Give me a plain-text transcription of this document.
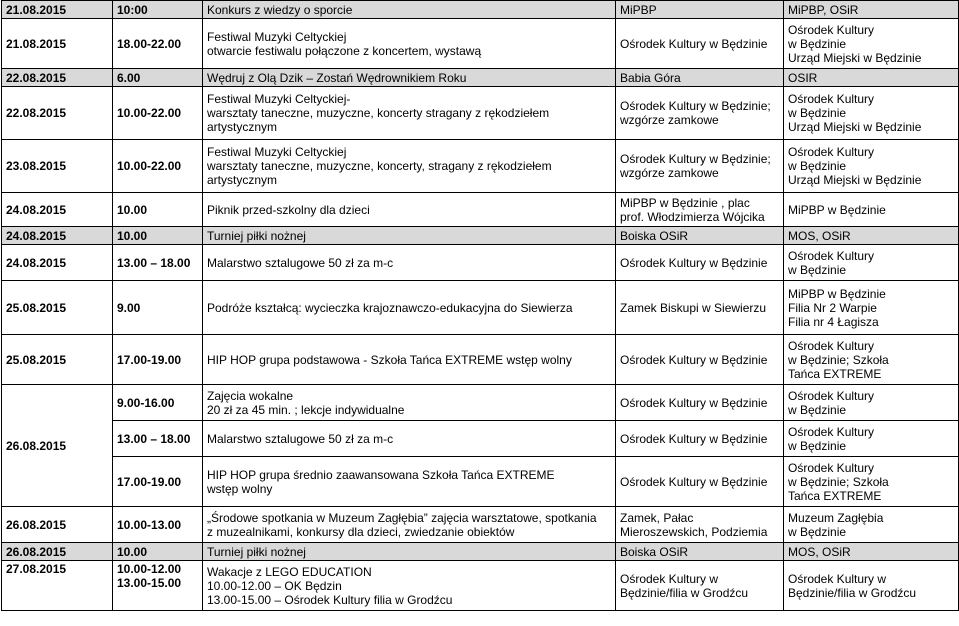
21.08.2015	10:00	Konkurs z wiedzy o sporcie	MiPBP	MiPBP, OSiR
21.08.2015	18.00-22.00	Festiwal Muzyki Celtyckiej
otwarcie festiwalu połączone z koncertem, wystawą	Ośrodek Kultury w Będzinie	Ośrodek Kultury
w Będzinie
Urząd Miejski w Będzinie
22.08.2015	6.00	Wędruj z Olą Dzik – Zostań Wędrownikiem Roku	Babia Góra	OSIR
22.08.2015	10.00-22.00	Festiwal Muzyki Celtyckiej-
warsztaty taneczne, muzyczne, koncerty stragany z rękodziełem
artystycznym	Ośrodek Kultury w Będzinie;
wzgórze zamkowe	Ośrodek Kultury
w Będzinie
Urząd Miejski w Będzinie
23.08.2015	10.00-22.00	Festiwal Muzyki Celtyckiej
warsztaty taneczne, muzyczne, koncerty, stragany z rękodziełem
artystycznym	Ośrodek Kultury w Będzinie;
wzgórze zamkowe	Ośrodek Kultury
w Będzinie
Urząd Miejski w Będzinie
24.08.2015	10.00	Piknik przed-szkolny dla dzieci	MiPBP w Będzinie , plac
prof. Włodzimierza Wójcika	MiPBP w Będzinie
24.08.2015	10.00	Turniej piłki nożnej	Boiska OSiR	MOS, OSiR
24.08.2015	13.00 – 18.00	Malarstwo sztalugowe 50 zł za m-c	Ośrodek Kultury w Będzinie	Ośrodek Kultury
w Będzinie
25.08.2015	9.00	Podróże kształcą: wycieczka krajoznawczo-edukacyjna do Siewierza	Zamek Biskupi w Siewierzu	MiPBP w Będzinie
Filia Nr 2 Warpie
Filia nr 4 Łagisza
25.08.2015	17.00-19.00	HIP HOP grupa podstawowa - Szkoła Tańca EXTREME wstęp wolny	Ośrodek Kultury w Będzinie	Ośrodek Kultury
w Będzinie; Szkoła
Tańca EXTREME
26.08.2015	9.00-16.00	Zajęcia wokalne
20 zł za 45 min. ; lekcje indywidualne	Ośrodek Kultury w Będzinie	Ośrodek Kultury
w Będzinie
	13.00 – 18.00	Malarstwo sztalugowe 50 zł za m-c	Ośrodek Kultury w Będzinie	Ośrodek Kultury
w Będzinie
	17.00-19.00	HIP HOP grupa średnio zaawansowana Szkoła Tańca EXTREME
wstęp wolny	Ośrodek Kultury w Będzinie	Ośrodek Kultury
w Będzinie; Szkoła
Tańca EXTREME
26.08.2015	10.00-13.00	„Środowe spotkania w Muzeum Zagłębia” zajęcia warsztatowe, spotkania
z muzealnikami, konkursy dla dzieci, zwiedzanie obiektów	Zamek, Pałac
Mieroszewskich, Podziemia	Muzeum Zagłębia
w Będzinie
26.08.2015	10.00	Turniej piłki nożnej	Boiska OSiR	MOS, OSiR
27.08.2015	10.00-12.00
13.00-15.00	Wakacje z LEGO EDUCATION
10.00-12.00 – OK Będzin
13.00-15.00 – Ośrodek Kultury filia w Grodźcu	Ośrodek Kultury w
Będzinie/filia w Grodźcu	Ośrodek Kultury w
Będzinie/filia w Grodźcu
